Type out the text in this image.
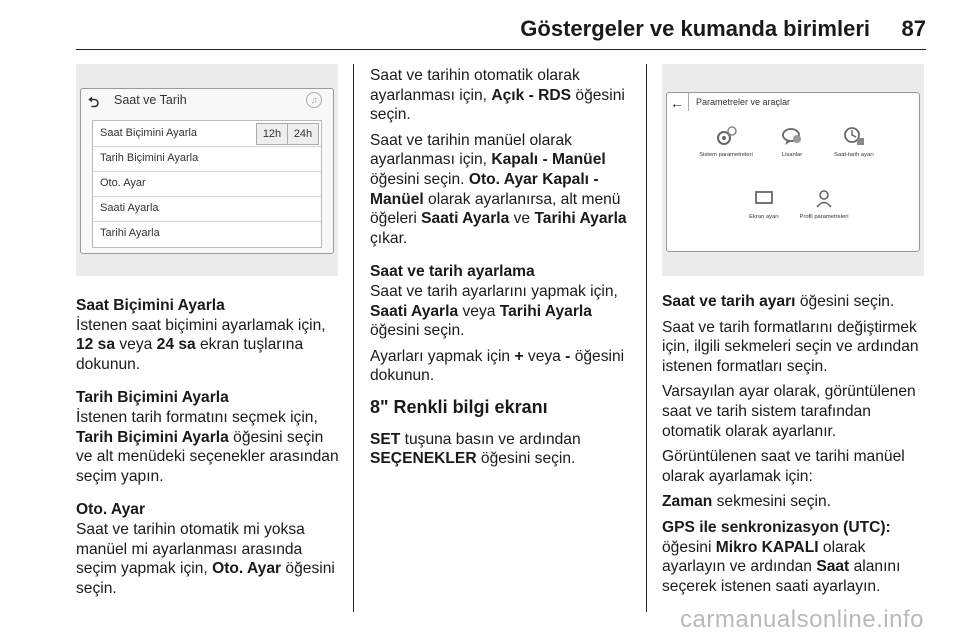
Göstergeler ve kumanda birimleri 87
⮌ Saat ve Tarih	♫
Saat Biçimini Ayarla	12h	24h
Tarih Biçimini Ayarla
Oto. Ayar
Saati Ayarla
Tarihi Ayarla
← Parametreler ve araçlar
Sistem parametreleri	Lisanlar	Saat-tarih ayarı
Ekran ayarı	Profil parametreleri

Saat Biçimini Ayarla

İstenen saat biçimini ayarlamak için, 12 sa veya 24 sa ekran tuşlarına dokunun.

Tarih Biçimini Ayarla

İstenen tarih formatını seçmek için, Tarih Biçimini Ayarla öğesini seçin ve alt menüdeki seçenekler arasından seçim yapın.

Oto. Ayar

Saat ve tarihin otomatik mi yoksa manüel mi ayarlanması arasında seçim yapmak için, Oto. Ayar öğesini seçin.

Saat ve tarihin otomatik olarak ayarlanması için, Açık - RDS öğesini seçin.

Saat ve tarihin manüel olarak ayarlanması için, Kapalı - Manüel öğesini seçin. Oto. Ayar Kapalı - Manüel olarak ayarlanırsa, alt menü öğeleri Saati Ayarla ve Tarihi Ayarla çıkar.

Saat ve tarih ayarlama

Saat ve tarih ayarlarını yapmak için, Saati Ayarla veya Tarihi Ayarla öğesini seçin.

Ayarları yapmak için + veya - öğesini dokunun.

8" Renkli bilgi ekranı

SET tuşuna basın ve ardından SEÇENEKLER öğesini seçin.

Saat ve tarih ayarı öğesini seçin.

Saat ve tarih formatlarını değiştirmek için, ilgili sekmeleri seçin ve ardından istenen formatları seçin.

Varsayılan ayar olarak, görüntülenen saat ve tarih sistem tarafından otomatik olarak ayarlanır.

Görüntülenen saat ve tarihi manüel olarak ayarlamak için:

Zaman sekmesini seçin.

GPS ile senkronizasyon (UTC):
öğesini Mikro KAPALI olarak ayarlayın ve ardından Saat alanını seçerek istenen saati ayarlayın.

carmanualsonline.info
